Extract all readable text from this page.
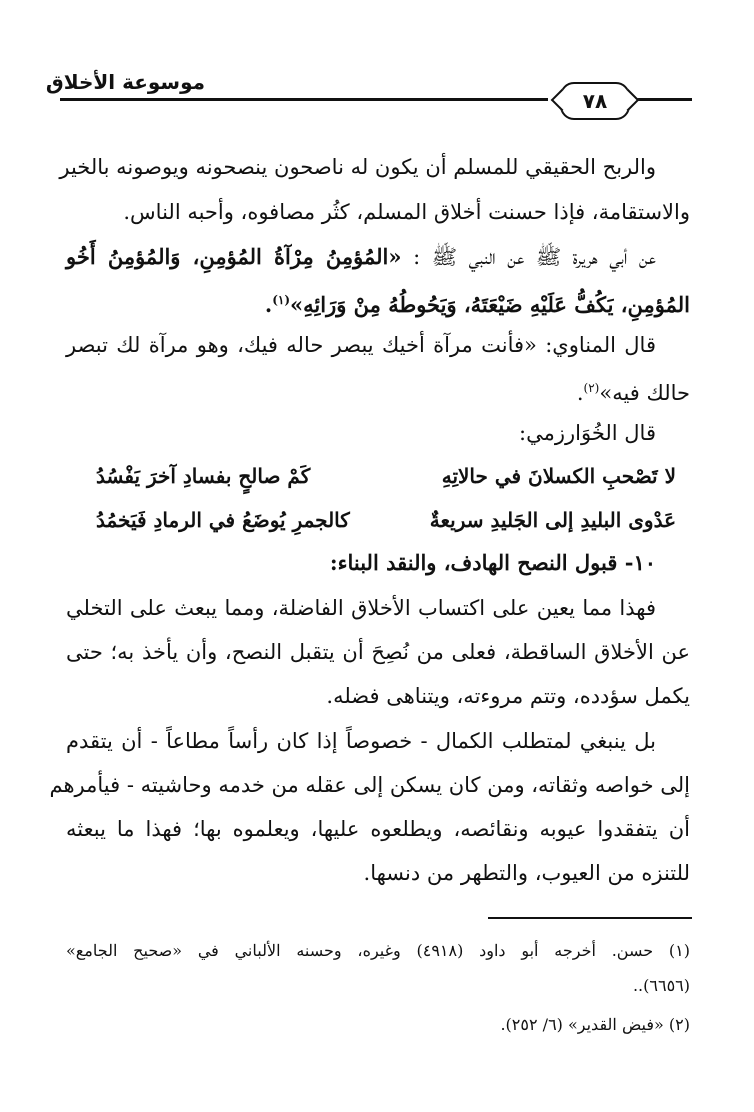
موسوعة الأخلاق
٧٨
والربح الحقيقي للمسلم أن يكون له ناصحون ينصحونه ويوصونه بالخير
والاستقامة، فإذا حسنت أخلاق المسلم، كثُر مصافوه، وأحبه الناس.
عن أبي هريرة ﷺ عن النبي ﷺ : «المُؤمِنُ مِرْآةُ المُؤمِنِ، وَالمُؤمِنُ أَخُو
المُؤمِنِ، يَكُفُّ عَلَيْهِ ضَيْعَتَهُ، وَيَحُوطُهُ مِنْ وَرَائِهِ»$^{(١)}$.
قال المناوي: «فأنت مرآة أخيك يبصر حاله فيك، وهو مرآة لك تبصر
حالك فيه»$^{(٢)}$.
قال الخُوَارزمي:
لا تَصْحبِ الكسلانَ في حالاتِهِ
كَمْ صالحٍ بفسادِ آخرَ يَفْسُدُ
عَدْوى البليدِ إلى الجَليدِ سريعةٌ
كالجمرِ يُوضَعُ في الرمادِ فَيَخمُدُ
١٠- قبول النصح الهادف، والنقد البناء:
فهذا مما يعين على اكتساب الأخلاق الفاضلة، ومما يبعث على التخلي
عن الأخلاق الساقطة، فعلى من نُصِحَ أن يتقبل النصح، وأن يأخذ به؛ حتى
يكمل سؤدده، وتتم مروءته، ويتناهى فضله.
بل ينبغي لمتطلب الكمال - خصوصاً إذا كان رأساً مطاعاً - أن يتقدم
إلى خواصه وثقاته، ومن كان يسكن إلى عقله من خدمه وحاشيته - فيأمرهم
أن يتفقدوا عيوبه ونقائصه، ويطلعوه عليها، ويعلموه بها؛ فهذا ما يبعثه
للتنزه من العيوب، والتطهر من دنسها.
(١) حسن. أخرجه أبو داود (٤٩١٨) وغيره، وحسنه الألباني في «صحيح الجامع»
(٦٦٥٦)..
(٢) «فيض القدير» (٦/ ٢٥٢).
